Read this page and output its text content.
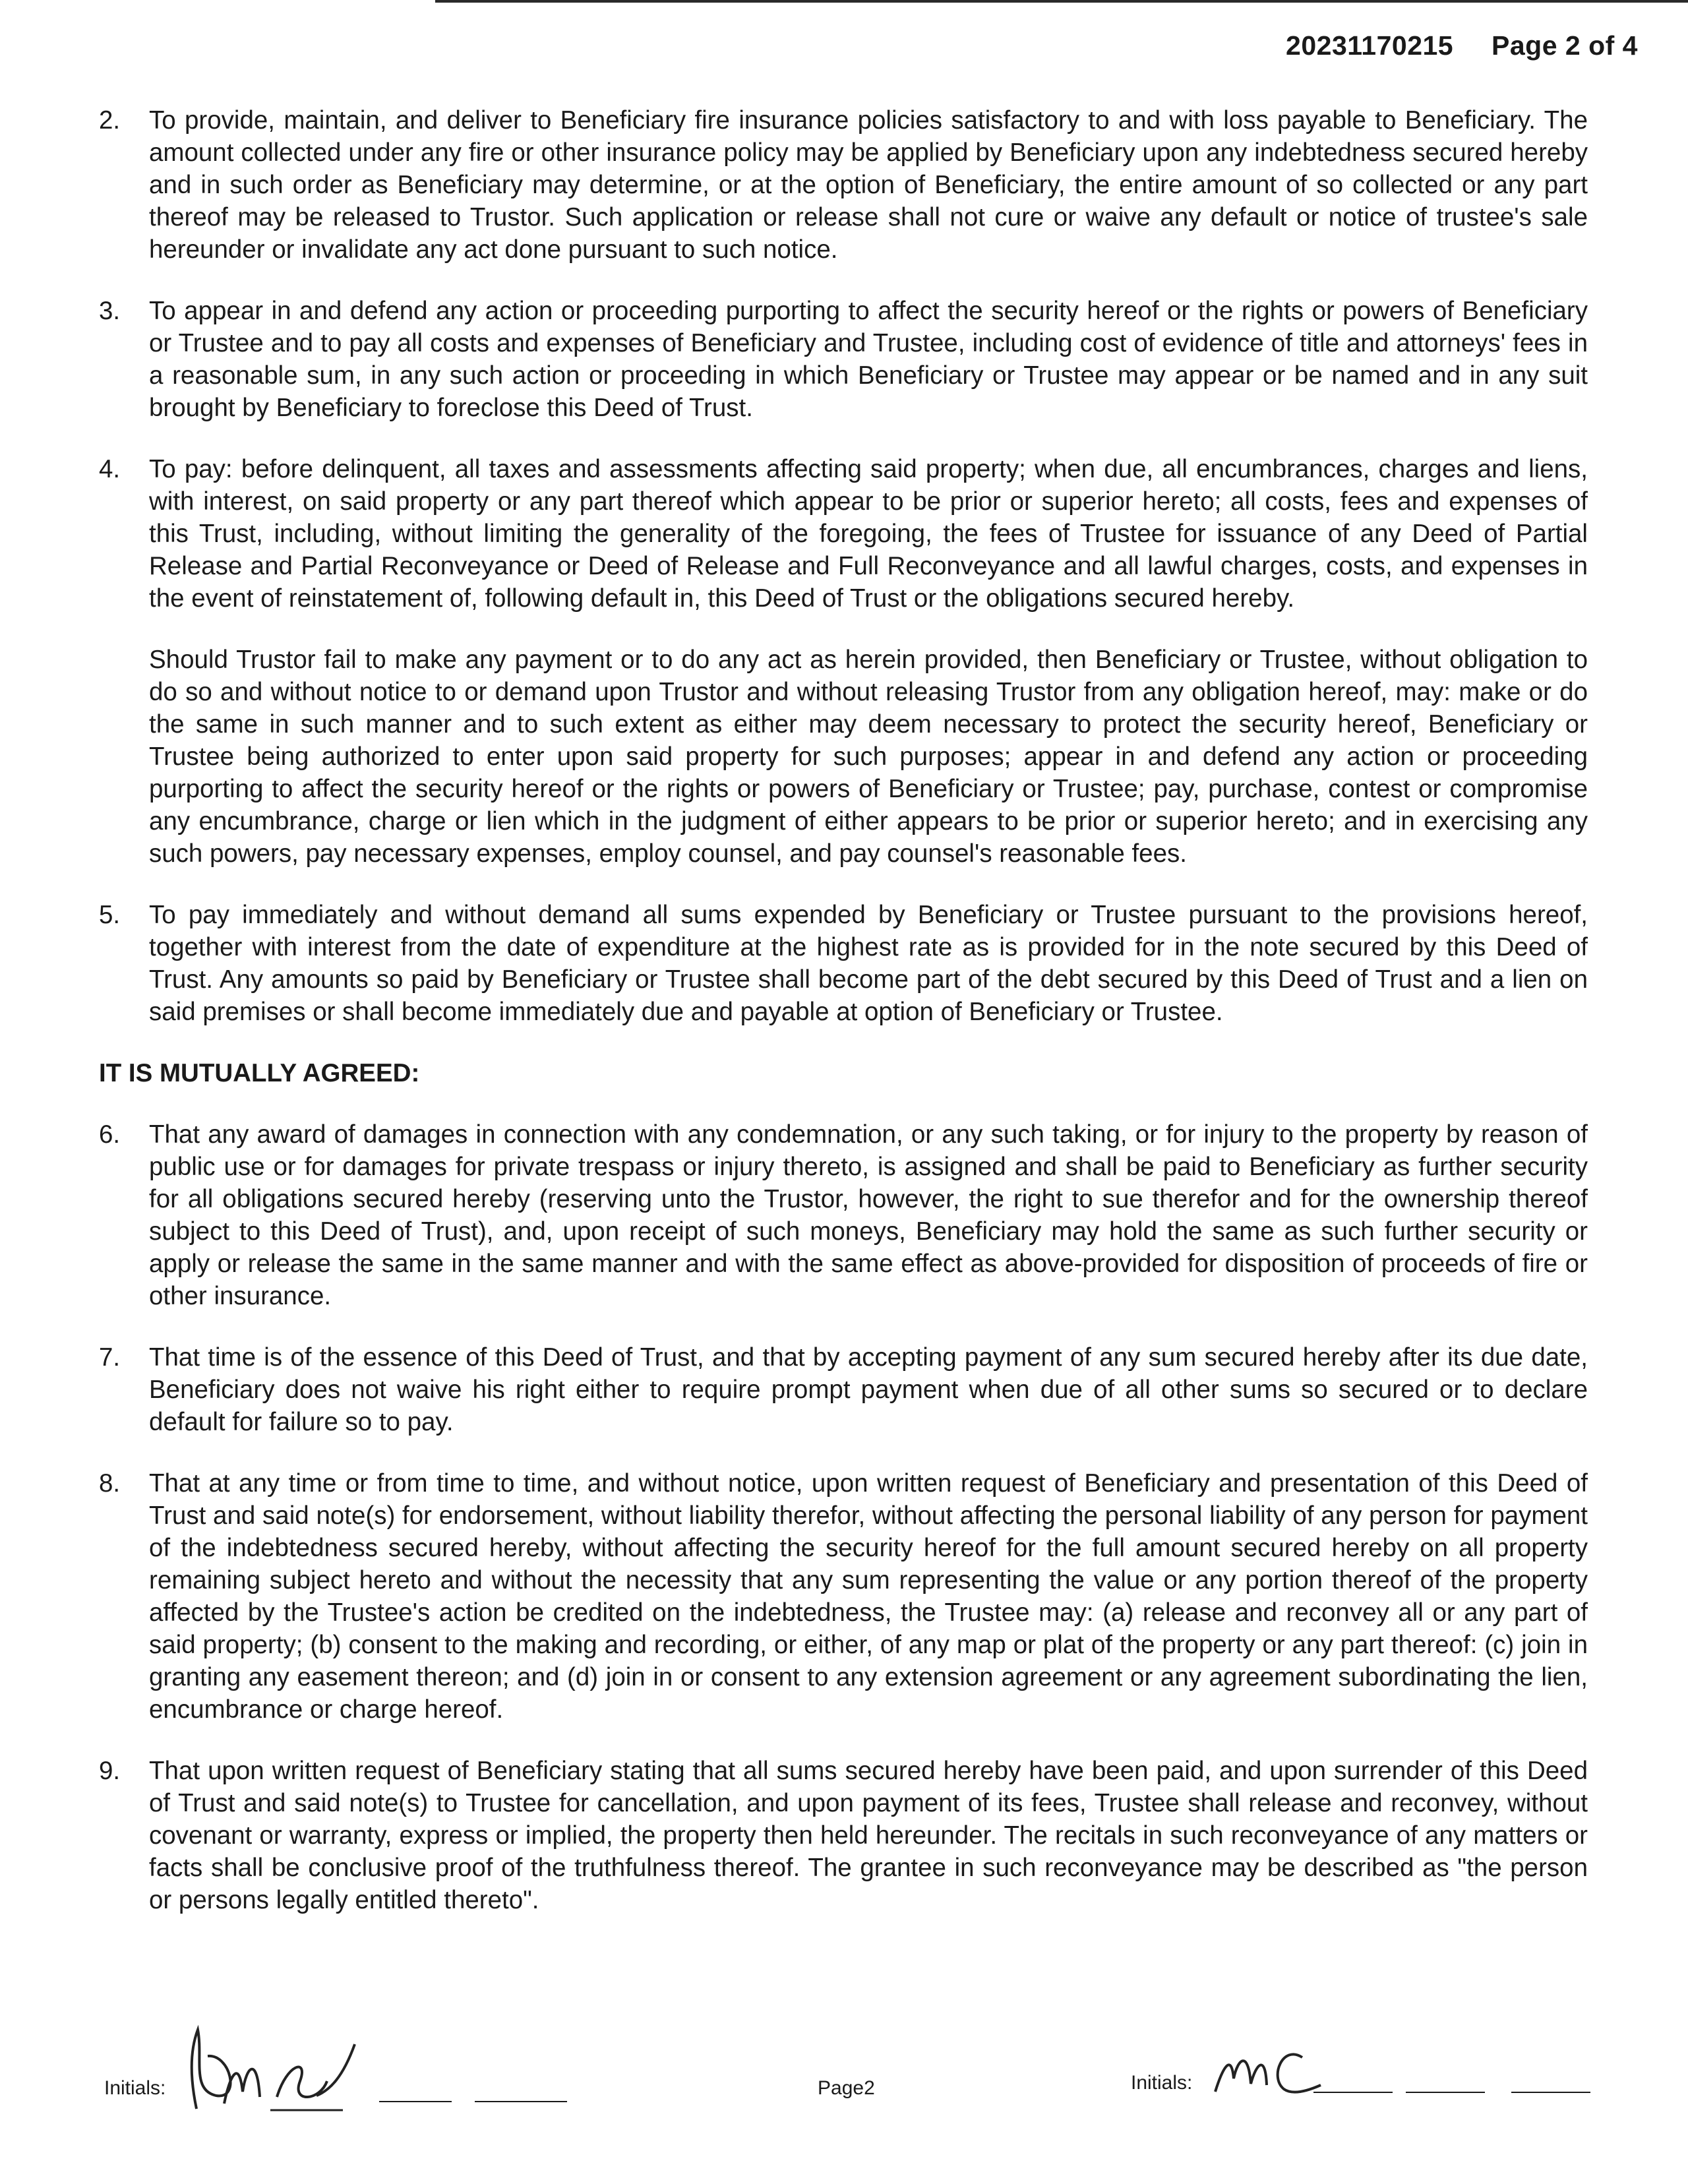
20231170215 Page 2 of 4

2. To provide, maintain, and deliver to Beneficiary fire insurance policies satisfactory to and with loss payable to Beneficiary. The amount collected under any fire or other insurance policy may be applied by Beneficiary upon any indebtedness secured hereby and in such order as Beneficiary may determine, or at the option of Beneficiary, the entire amount of so collected or any part thereof may be released to Trustor. Such application or release shall not cure or waive any default or notice of trustee's sale hereunder or invalidate any act done pursuant to such notice.

3. To appear in and defend any action or proceeding purporting to affect the security hereof or the rights or powers of Beneficiary or Trustee and to pay all costs and expenses of Beneficiary and Trustee, including cost of evidence of title and attorneys' fees in a reasonable sum, in any such action or proceeding in which Beneficiary or Trustee may appear or be named and in any suit brought by Beneficiary to foreclose this Deed of Trust.

4. To pay: before delinquent, all taxes and assessments affecting said property; when due, all encumbrances, charges and liens, with interest, on said property or any part thereof which appear to be prior or superior hereto; all costs, fees and expenses of this Trust, including, without limiting the generality of the foregoing, the fees of Trustee for issuance of any Deed of Partial Release and Partial Reconveyance or Deed of Release and Full Reconveyance and all lawful charges, costs, and expenses in the event of reinstatement of, following default in, this Deed of Trust or the obligations secured hereby.

Should Trustor fail to make any payment or to do any act as herein provided, then Beneficiary or Trustee, without obligation to do so and without notice to or demand upon Trustor and without releasing Trustor from any obligation hereof, may: make or do the same in such manner and to such extent as either may deem necessary to protect the security hereof, Beneficiary or Trustee being authorized to enter upon said property for such purposes; appear in and defend any action or proceeding purporting to affect the security hereof or the rights or powers of Beneficiary or Trustee; pay, purchase, contest or compromise any encumbrance, charge or lien which in the judgment of either appears to be prior or superior hereto; and in exercising any such powers, pay necessary expenses, employ counsel, and pay counsel's reasonable fees.

5. To pay immediately and without demand all sums expended by Beneficiary or Trustee pursuant to the provisions hereof, together with interest from the date of expenditure at the highest rate as is provided for in the note secured by this Deed of Trust. Any amounts so paid by Beneficiary or Trustee shall become part of the debt secured by this Deed of Trust and a lien on said premises or shall become immediately due and payable at option of Beneficiary or Trustee.

IT IS MUTUALLY AGREED:

6. That any award of damages in connection with any condemnation, or any such taking, or for injury to the property by reason of public use or for damages for private trespass or injury thereto, is assigned and shall be paid to Beneficiary as further security for all obligations secured hereby (reserving unto the Trustor, however, the right to sue therefor and for the ownership thereof subject to this Deed of Trust), and, upon receipt of such moneys, Beneficiary may hold the same as such further security or apply or release the same in the same manner and with the same effect as above-provided for disposition of proceeds of fire or other insurance.

7. That time is of the essence of this Deed of Trust, and that by accepting payment of any sum secured hereby after its due date, Beneficiary does not waive his right either to require prompt payment when due of all other sums so secured or to declare default for failure so to pay.

8. That at any time or from time to time, and without notice, upon written request of Beneficiary and presentation of this Deed of Trust and said note(s) for endorsement, without liability therefor, without affecting the personal liability of any person for payment of the indebtedness secured hereby, without affecting the security hereof for the full amount secured hereby on all property remaining subject hereto and without the necessity that any sum representing the value or any portion thereof of the property affected by the Trustee's action be credited on the indebtedness, the Trustee may: (a) release and reconvey all or any part of said property; (b) consent to the making and recording, or either, of any map or plat of the property or any part thereof: (c) join in granting any easement thereon; and (d) join in or consent to any extension agreement or any agreement subordinating the lien, encumbrance or charge hereof.

9. That upon written request of Beneficiary stating that all sums secured hereby have been paid, and upon surrender of this Deed of Trust and said note(s) to Trustee for cancellation, and upon payment of its fees, Trustee shall release and reconvey, without covenant or warranty, express or implied, the property then held hereunder. The recitals in such reconveyance of any matters or facts shall be conclusive proof of the truthfulness thereof. The grantee in such reconveyance may be described as "the person or persons legally entitled thereto".

Initials:	Page2	Initials:
